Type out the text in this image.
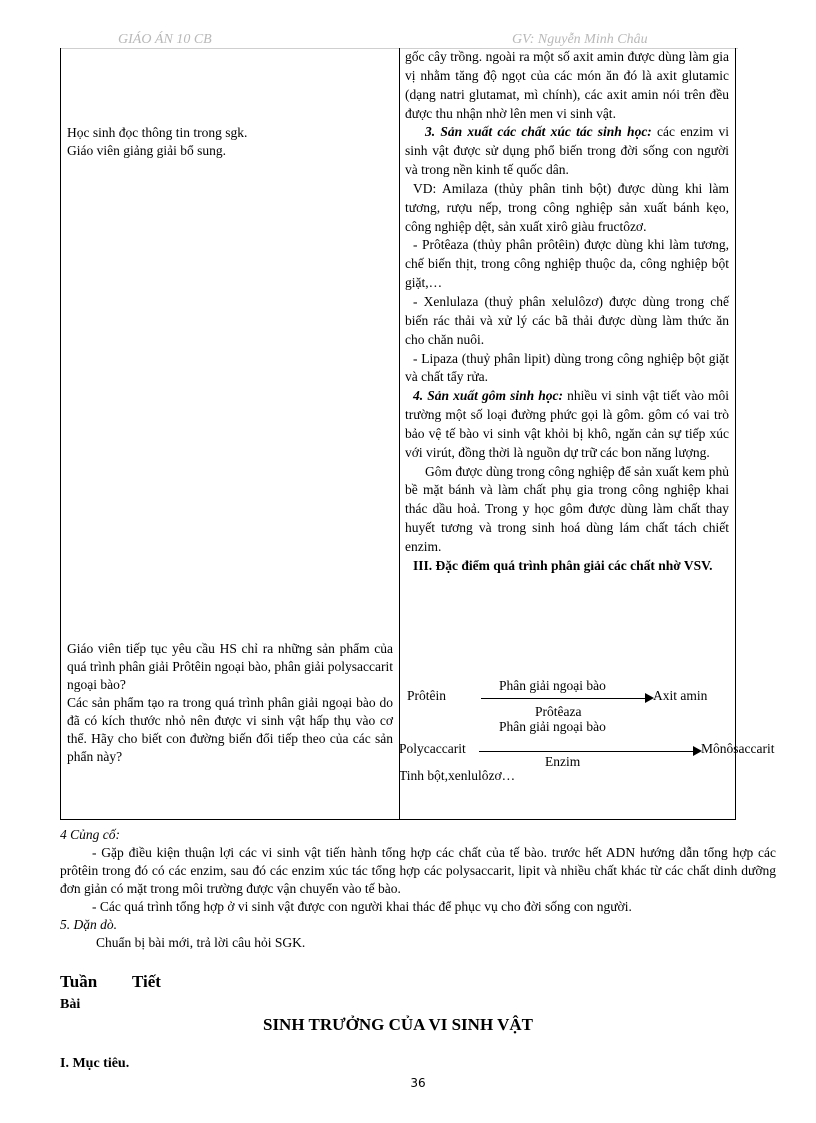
GIÁO ÁN 10 CB	GV: Nguyễn Minh Châu

Học sinh đọc thông tin trong sgk.

Giáo viên giảng giải bổ sung.

Giáo viên tiếp tục yêu cầu HS chỉ ra những sản phẩm của quá trình phân giải Prôtêin ngoại bào, phân giải polysaccarit ngoại bào?

Các sản phẩm tạo ra trong quá trình phân giải ngoại bào do đã có kích thước nhỏ nên được vi sinh vật hấp thụ vào cơ thể. Hãy cho biết con đường biến đổi tiếp theo của các sản phẩn này?

gốc cây trồng. ngoài ra một số axit amin được dùng làm gia vị nhằm tăng độ ngọt của các món ăn đó là axit glutamic (dạng natri glutamat, mì chính), các axit amin nói trên đều được thu nhận nhờ lên men vi sinh vật.

3. Sản xuất các chất xúc tác sinh học: các enzim vi sinh vật được sử dụng phổ biến trong đời sống con người và trong nền kinh tế quốc dân.

VD: Amilaza (thủy phân tinh bột) được dùng khi làm tương, rượu nếp, trong công nghiệp sản xuất bánh kẹo, công nghiệp dệt, sản xuất xirô giàu fructôzơ.

- Prôtêaza (thủy phân prôtêin) được dùng khi làm tương, chế biến thịt, trong công nghiệp thuộc da, công nghiệp bột giặt,…

- Xenlulaza (thuỷ phân xelulôzơ) được dùng trong chế biến rác thải và xử lý các bã thải được dùng làm thức ăn cho chăn nuôi.

- Lipaza (thuỷ phân lipit) dùng trong công nghiệp bột giặt và chất tẩy rửa.

4. Sản xuất gôm sinh học: nhiều vi sinh vật tiết vào môi trường một số loại đường phức gọi là gôm. gôm có vai trò bảo vệ tế bào vi sinh vật khỏi bị khô, ngăn cản sự tiếp xúc với virút, đồng thời là nguồn dự trữ các bon năng lượng.

Gôm được dùng trong công nghiệp để sản xuất kem phủ bề mặt bánh và làm chất phụ gia trong công nghiệp khai thác dầu hoả. Trong y học gôm được dùng làm chất thay huyết tương và trong sinh hoá dùng lám chất tách chiết enzim.

III. Đặc điểm quá trình phân giải các chất nhờ VSV.

Prôtêin
Phân giải ngoại bào
Axit amin
Prôtêaza
Phân giải ngoại bào
Polycaccarit	Mônôsaccarit
Enzim
Tinh bột,xenlulôzơ…

4 Củng cố:

- Gặp điều kiện thuận lợi các vi sinh vật tiến hành tổng hợp các chất của tế bào. trước hết ADN hướng dẫn tổng hợp các prôtêin trong đó có các enzim, sau đó các enzim xúc tác tổng hợp các polysaccarit, lipit và nhiều chất khác từ các chất dinh dưỡng đơn giản có mặt trong môi trường được vận chuyển vào tế bào.

- Các quá trình tổng hợp ở vi sinh vật được con người khai thác để phục vụ cho đời sống con người.

5. Dặn dò.

Chuẩn bị bài mới, trả lời câu hỏi SGK.

Tuần Tiết
Bài
SINH TRƯỞNG CỦA VI SINH VẬT
I. Mục tiêu.
36
